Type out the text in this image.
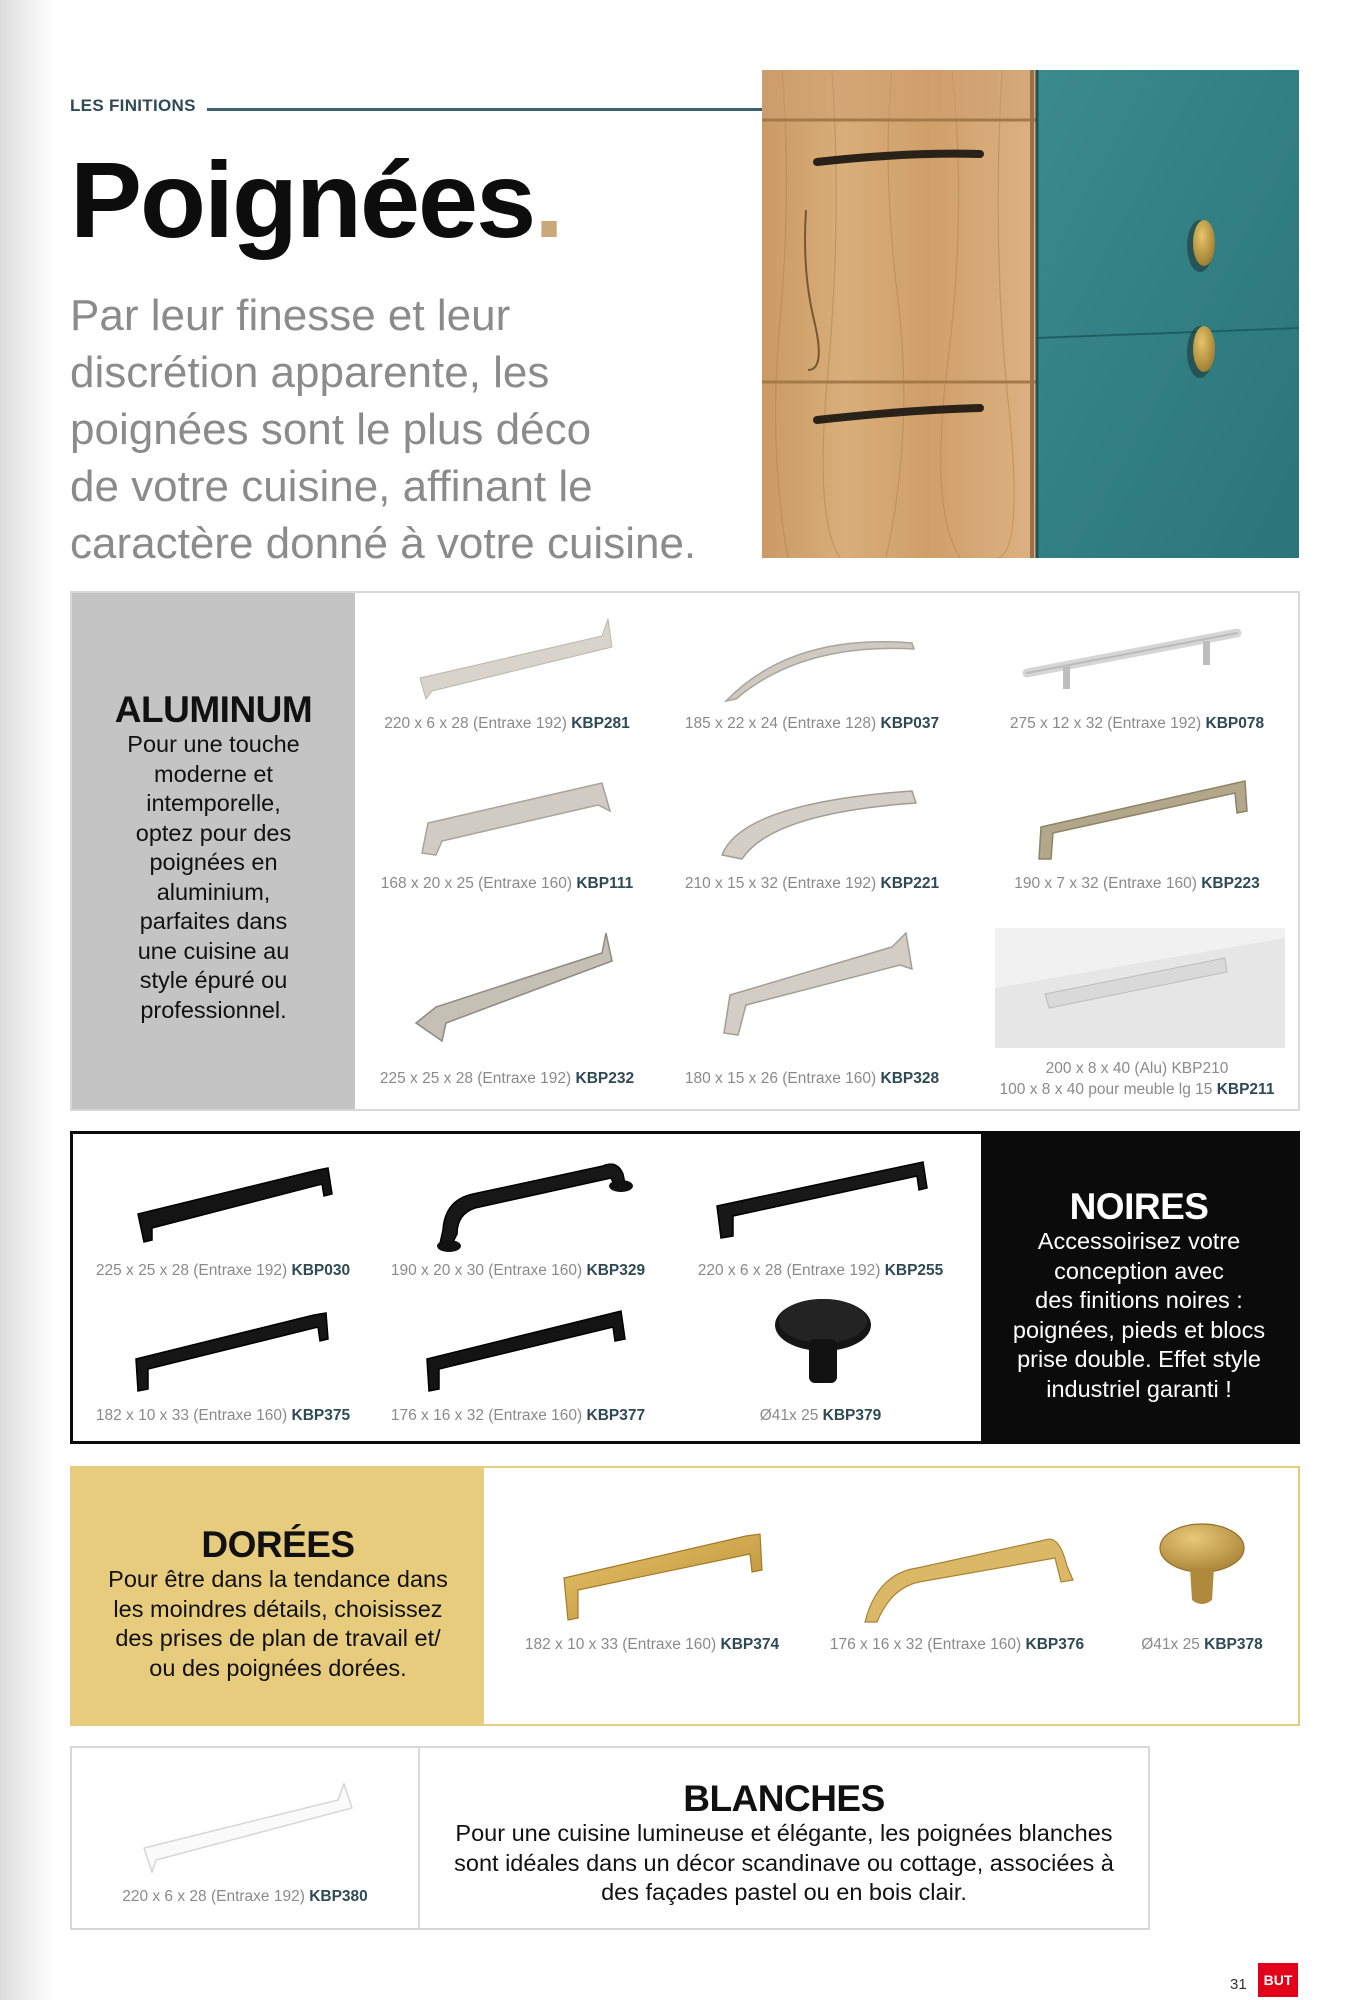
LES FINITIONS
Poignées.
Par leur finesse et leur
discrétion apparente, les
poignées sont le plus déco
de votre cuisine, affinant le
caractère donné à votre cuisine.
ALUMINUM
Pour une touche
moderne et
intemporelle,
optez pour des
poignées en
aluminium,
parfaites dans
une cuisine au
style épuré ou
professionnel.
220 x 6 x 28 (Entraxe 192) KBP281	185 x 22 x 24 (Entraxe 128) KBP037	275 x 12 x 32 (Entraxe 192) KBP078
168 x 20 x 25 (Entraxe 160) KBP111	210 x 15 x 32 (Entraxe 192) KBP221	190 x 7 x 32 (Entraxe 160) KBP223
225 x 25 x 28 (Entraxe 192) KBP232	180 x 15 x 26 (Entraxe 160) KBP328
200 x 8 x 40 (Alu) KBP210
100 x 8 x 40 pour meuble lg 15 KBP211
NOIRES
Accessoirisez votre
conception avec
des finitions noires :
poignées, pieds et blocs
prise double. Effet style
industriel garanti !
225 x 25 x 28 (Entraxe 192) KBP030	190 x 20 x 30 (Entraxe 160) KBP329	220 x 6 x 28 (Entraxe 192) KBP255
182 x 10 x 33 (Entraxe 160) KBP375	176 x 16 x 32 (Entraxe 160) KBP377	Ø41x 25 KBP379
DORÉES
Pour être dans la tendance dans
les moindres détails, choisissez
des prises de plan de travail et/
ou des poignées dorées.
182 x 10 x 33 (Entraxe 160) KBP374	176 x 16 x 32 (Entraxe 160) KBP376	Ø41x 25 KBP378
220 x 6 x 28 (Entraxe 192) KBP380
BLANCHES
Pour une cuisine lumineuse et élégante, les poignées blanches
sont idéales dans un décor scandinave ou cottage, associées à
des façades pastel ou en bois clair.
31	BUT
